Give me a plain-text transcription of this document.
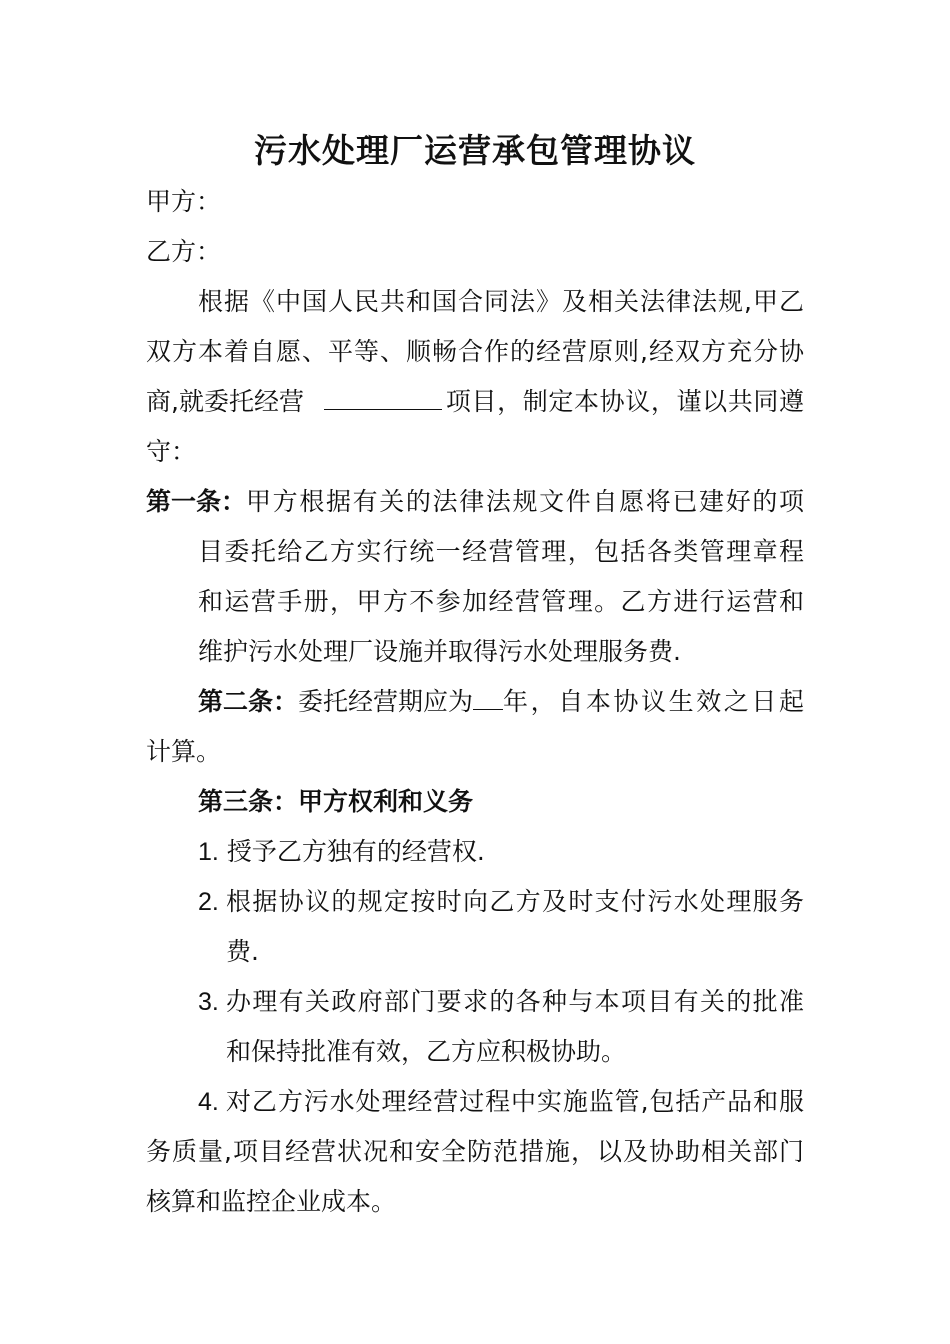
污水处理厂运营承包管理协议
甲方：
乙方：
根据《中国人民共和国合同法》及相关法律法规,甲乙
双方本着自愿、平等、顺畅合作的经营原则,经双方充分协
商,就委托经营	项目，制定本协议，谨以共同遵
守：
第一条： 甲方根据有关的法律法规文件自愿将已建好的项
目委托给乙方实行统一经营管理，包括各类管理章程
和运营手册，甲方不参加经营管理。乙方进行运营和
维护污水处理厂设施并取得污水处理服务费.
第二条： 委托经营期应为 年，自本协议生效之日起
计算。
第三条：甲方权利和义务
1. 授予乙方独有的经营权.
2. 根据协议的规定按时向乙方及时支付污水处理服务
费.
3. 办理有关政府部门要求的各种与本项目有关的批准
和保持批准有效，乙方应积极协助。
4. 对乙方污水处理经营过程中实施监管,包括产品和服
务质量,项目经营状况和安全防范措施，以及协助相关部门
核算和监控企业成本。
